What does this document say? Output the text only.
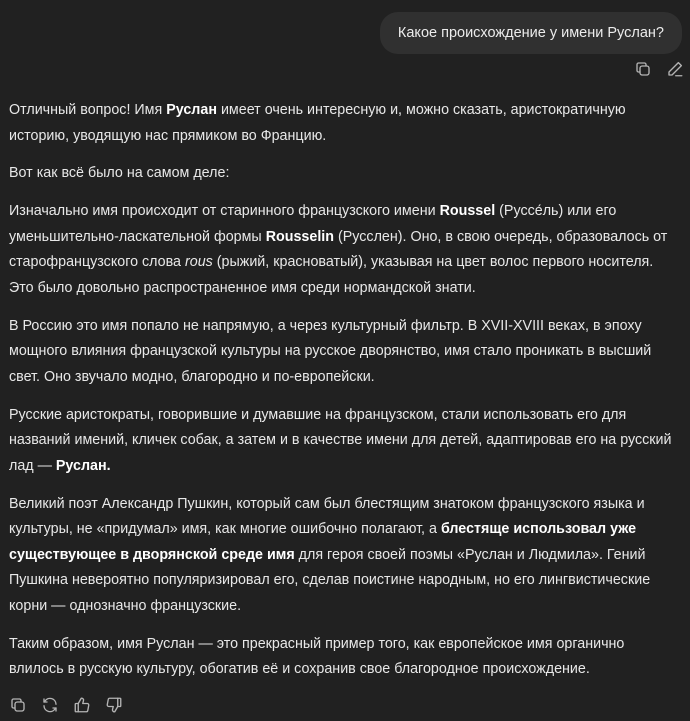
Какое происхождение у имени Руслан?

Отличный вопрос! Имя Руслан имеет очень интересную и, можно сказать, аристократичную историю, уводящую нас прямиком во Францию.

Вот как всё было на самом деле:

Изначально имя происходит от старинного французского имени Roussel (Руссе́ль) или его уменьшительно-ласкательной формы Rousselin (Русслен). Оно, в свою очередь, образовалось от старофранцузского слова rous (рыжий, красноватый), указывая на цвет волос первого носителя. Это было довольно распространенное имя среди нормандской знати.

В Россию это имя попало не напрямую, а через культурный фильтр. В XVII-XVIII веках, в эпоху мощного влияния французской культуры на русское дворянство, имя стало проникать в высший свет. Оно звучало модно, благородно и по-европейски.

Русские аристократы, говорившие и думавшие на французском, стали использовать его для названий имений, кличек собак, а затем и в качестве имени для детей, адаптировав его на русский лад — Руслан.

Великий поэт Александр Пушкин, который сам был блестящим знатоком французского языка и культуры, не «придумал» имя, как многие ошибочно полагают, а блестяще использовал уже существующее в дворянской среде имя для героя своей поэмы «Руслан и Людмила». Гений Пушкина невероятно популяризировал его, сделав поистине народным, но его лингвистические корни — однозначно французские.

Таким образом, имя Руслан — это прекрасный пример того, как европейское имя органично влилось в русскую культуру, обогатив её и сохранив свое благородное происхождение.
